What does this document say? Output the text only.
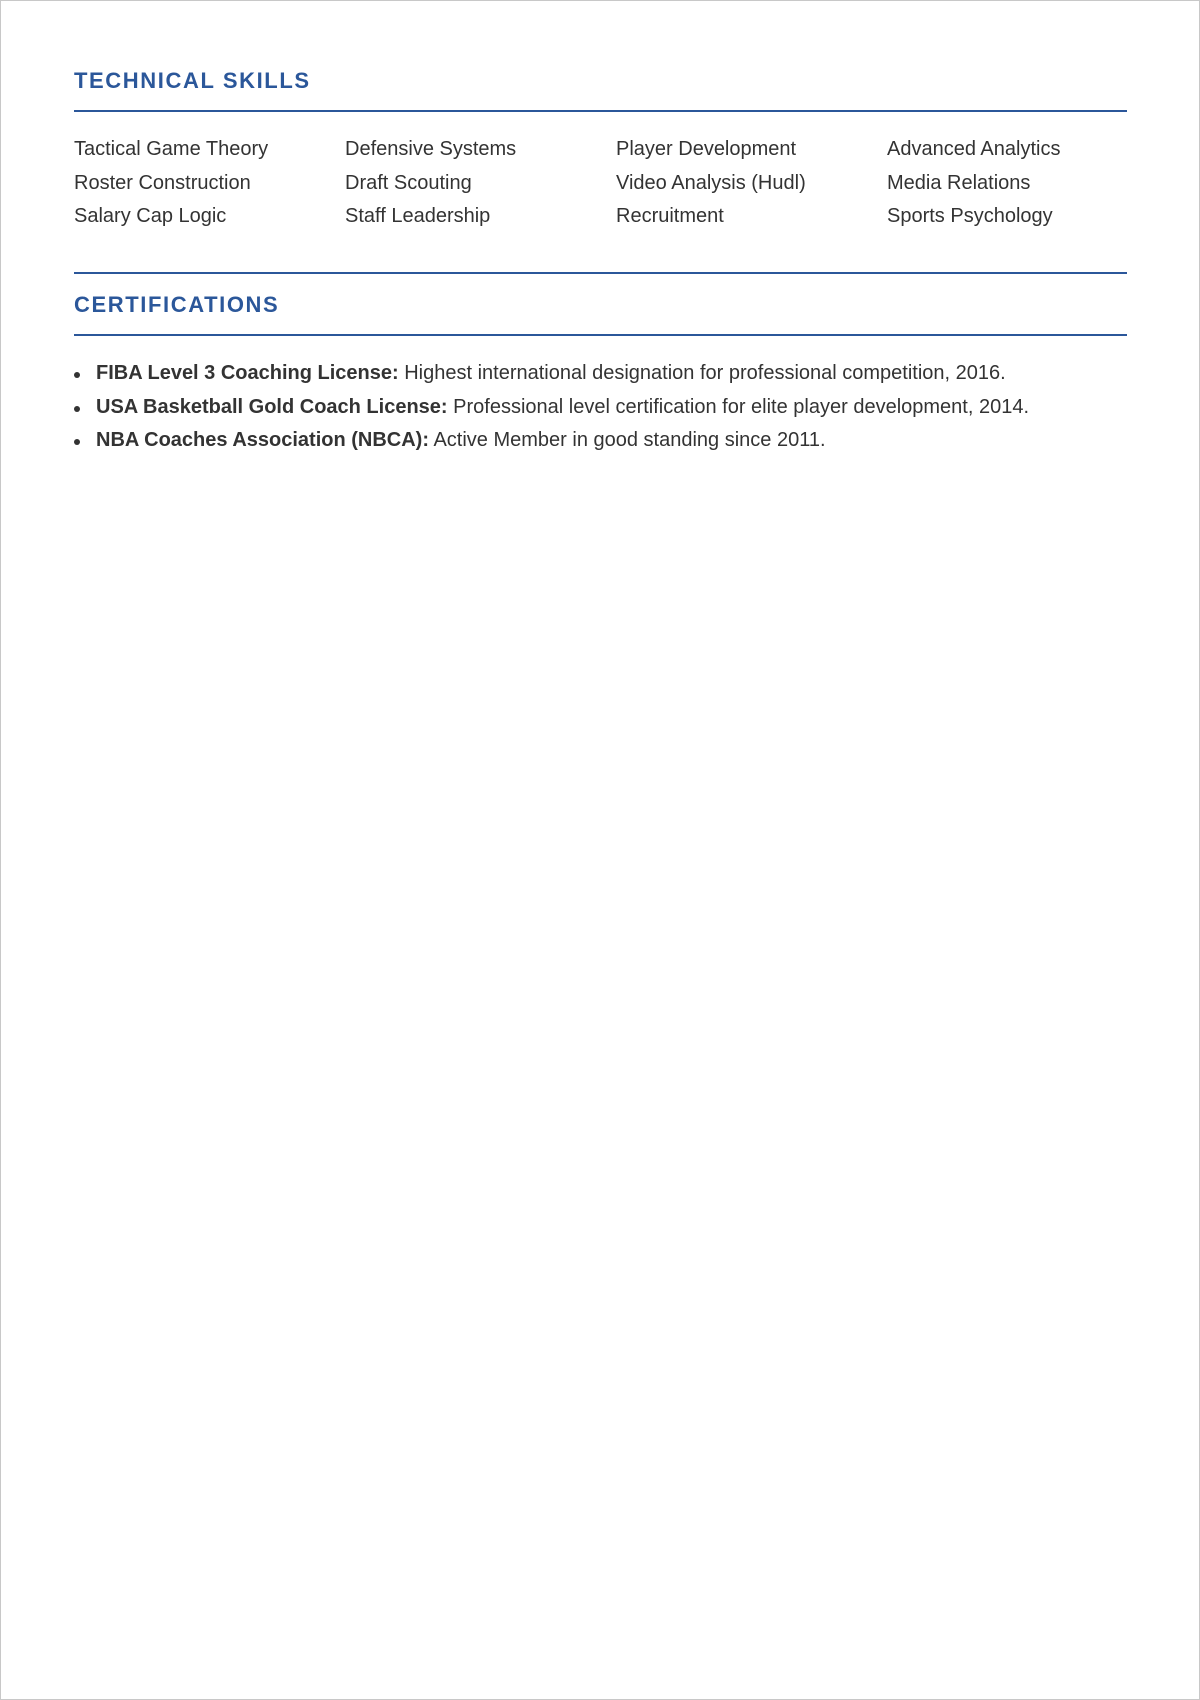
TECHNICAL SKILLS
Tactical Game Theory	Defensive Systems	Player Development	Advanced Analytics
Roster Construction	Draft Scouting	Video Analysis (Hudl)	Media Relations
Salary Cap Logic	Staff Leadership	Recruitment	Sports Psychology
CERTIFICATIONS
FIBA Level 3 Coaching License: Highest international designation for professional competition, 2016.
USA Basketball Gold Coach License: Professional level certification for elite player development, 2014.
NBA Coaches Association (NBCA): Active Member in good standing since 2011.
